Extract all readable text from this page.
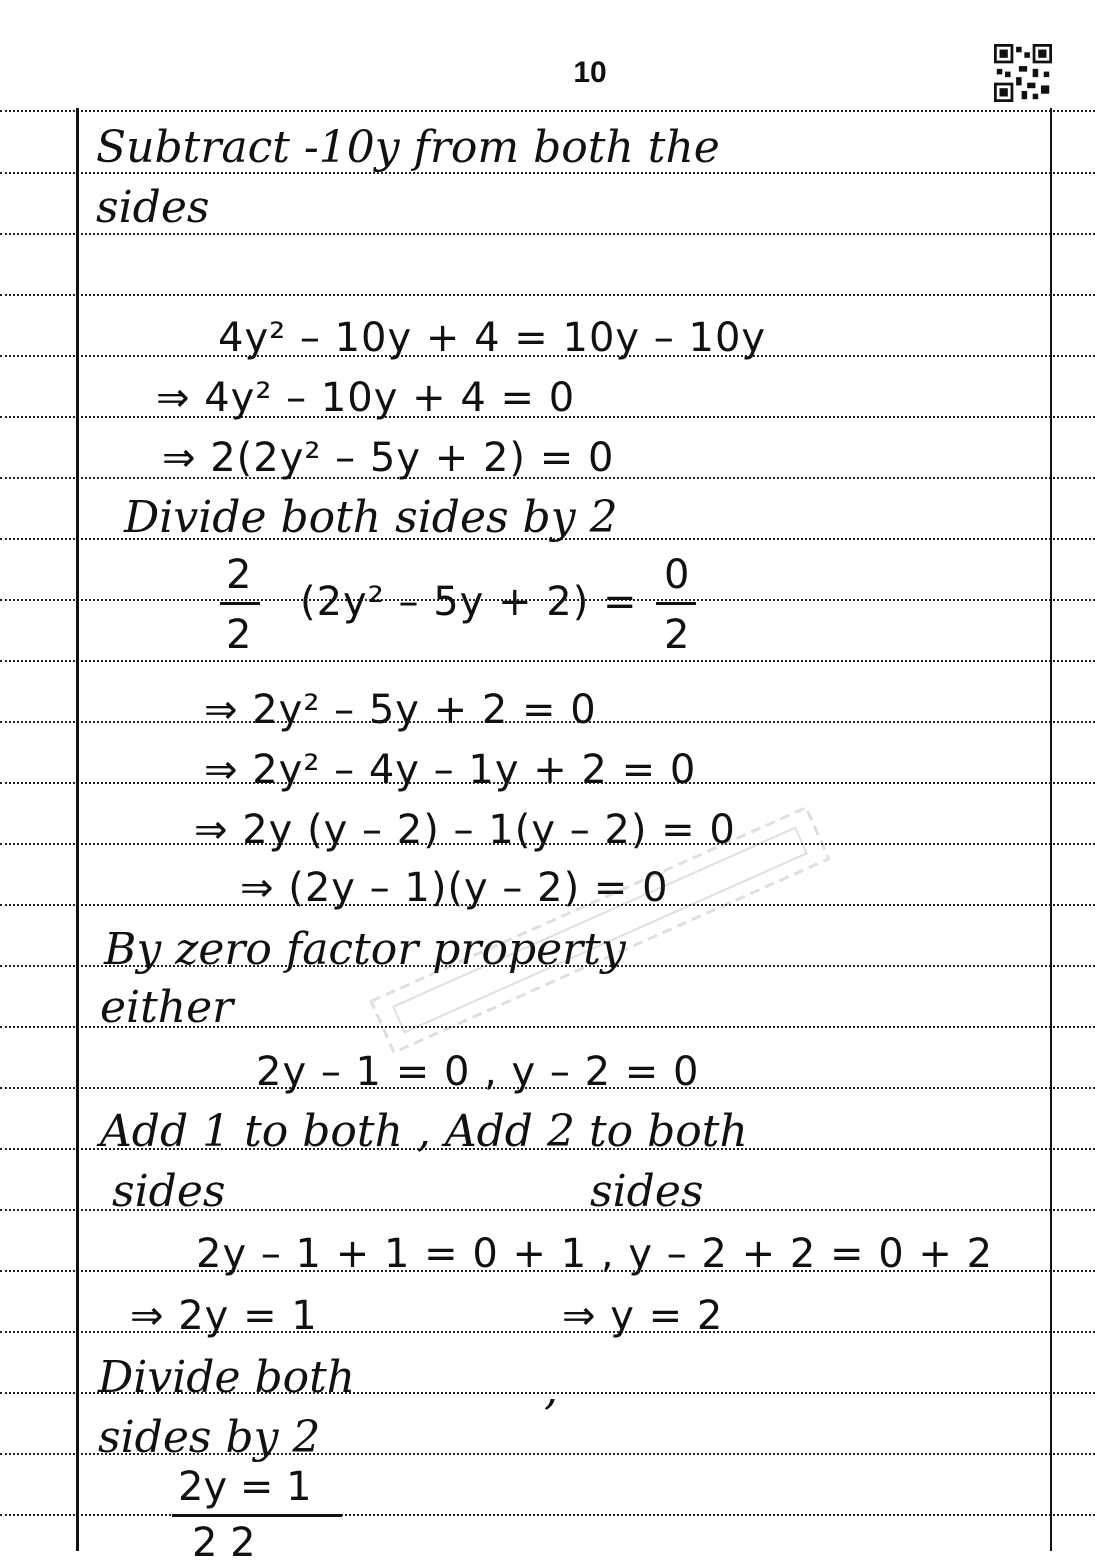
10
Subtract -10y from both the
sides
4y² – 10y + 4 = 10y – 10y
⇒ 4y² – 10y + 4 = 0
⇒ 2(2y² – 5y + 2) = 0
Divide both sides by 2
2
2
(2y² – 5y + 2) =
0
2
⇒ 2y² – 5y + 2 = 0
⇒ 2y² – 4y – 1y + 2 = 0
⇒ 2y (y – 2) – 1(y – 2) = 0
⇒ (2y – 1)(y – 2) = 0
By zero factor property
either
2y – 1 = 0 , y – 2 = 0
Add 1 to both , Add 2 to both
sides	sides
2y – 1 + 1 = 0 + 1 , y – 2 + 2 = 0 + 2
⇒ 2y = 1	⇒ y = 2
Divide both	,
sides by 2
2y = 1
2 2
